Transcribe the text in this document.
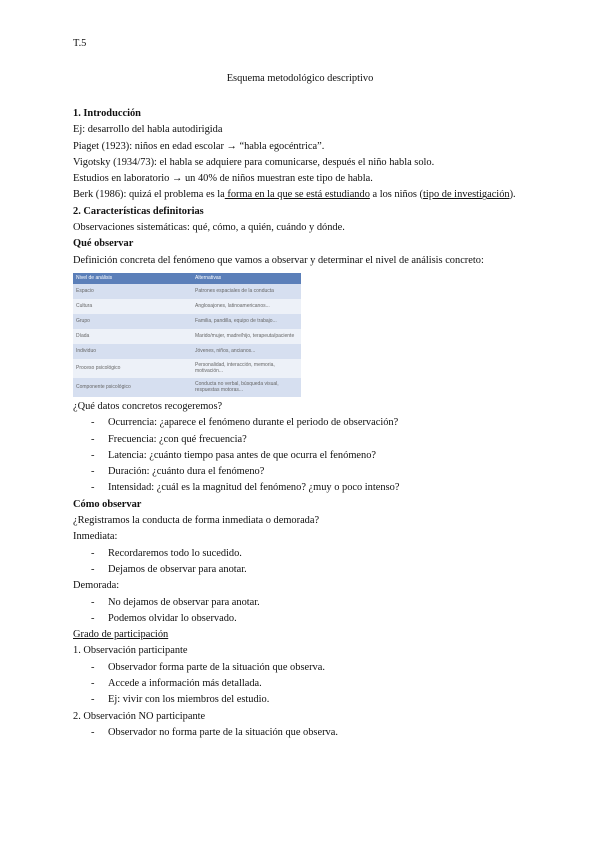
T.5
Esquema metodológico descriptivo

1. Introducción

Ej: desarrollo del habla autodirigida

Piaget (1923): niños en edad escolar → “habla egocéntrica”.

Vigotsky (1934/73): el habla se adquiere para comunicarse, después el niño habla solo.

Estudios en laboratorio → un 40% de niños muestran este tipo de habla.

Berk (1986): quizá el problema es la forma en la que se está estudiando a los niños (tipo de investigación).

2. Características definitorias

Observaciones sistemáticas: qué, cómo, a quién, cuándo y dónde.

Qué observar

Definición concreta del fenómeno que vamos a observar y determinar el nivel de análisis concreto:

Nivel de análisis	Alternativas
Espacio	Patrones espaciales de la conducta
Cultura	Anglosajones, latinoamericanos...
Grupo	Familia, pandilla, equipo de trabajo...
Díada	Marido/mujer, madre/hijo, terapeuta/paciente
Individuo	Jóvenes, niños, ancianos...
Proceso psicológico	Personalidad, interacción, memoria, motivación...
Componente psicológico	Conducta no verbal, búsqueda visual, respuestas motoras...

¿Qué datos concretos recogeremos?

- Ocurrencia: ¿aparece el fenómeno durante el periodo de observación?
- Frecuencia: ¿con qué frecuencia?
- Latencia: ¿cuánto tiempo pasa antes de que ocurra el fenómeno?
- Duración: ¿cuánto dura el fenómeno?
- Intensidad: ¿cuál es la magnitud del fenómeno? ¿muy o poco intenso?

Cómo observar

¿Registramos la conducta de forma inmediata o demorada?

Inmediata:

- Recordaremos todo lo sucedido.
- Dejamos de observar para anotar.

Demorada:

- No dejamos de observar para anotar.
- Podemos olvidar lo observado.

Grado de participación

1. Observación participante

- Observador forma parte de la situación que observa.
- Accede a información más detallada.
- Ej: vivir con los miembros del estudio.

2. Observación NO participante

- Observador no forma parte de la situación que observa.
